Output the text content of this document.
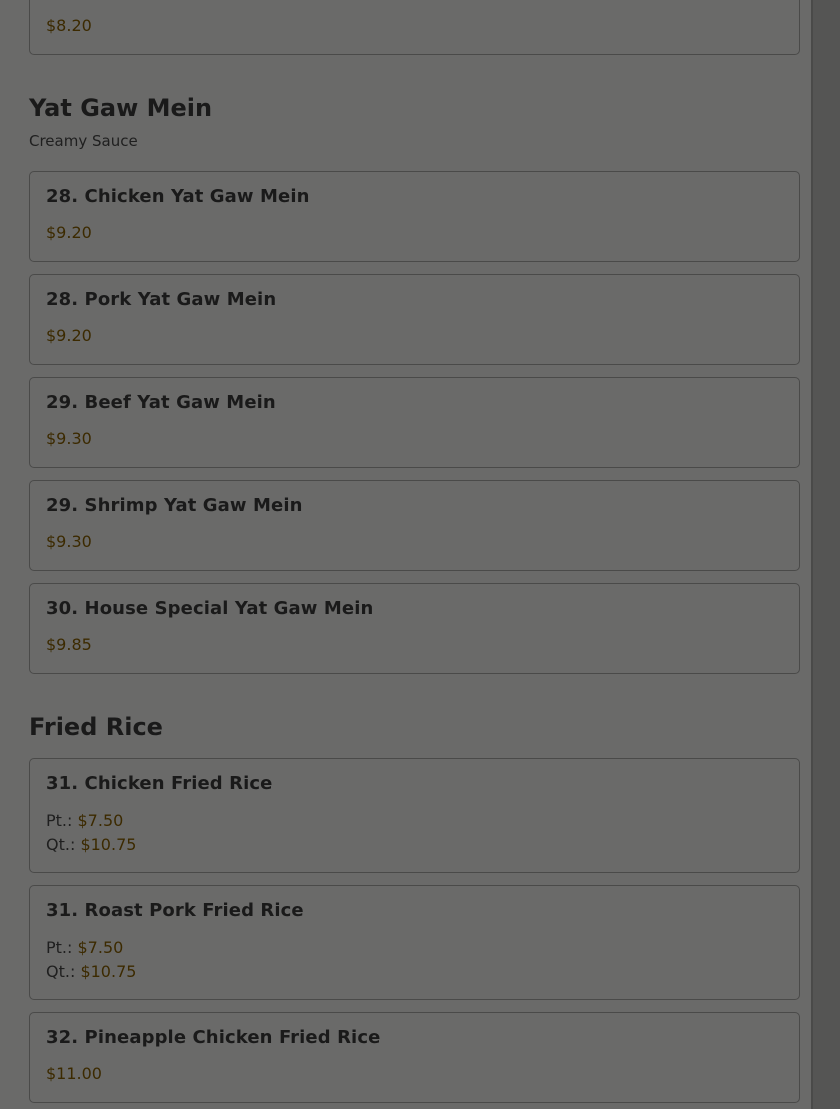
$8.20
Yat Gaw Mein
Creamy Sauce
28. Chicken Yat Gaw Mein
$9.20
28. Pork Yat Gaw Mein
$9.20
29. Beef Yat Gaw Mein
$9.30
29. Shrimp Yat Gaw Mein
$9.30
30. House Special Yat Gaw Mein
$9.85
Fried Rice
31. Chicken Fried Rice
Pt.: $7.50
Qt.: $10.75
31. Roast Pork Fried Rice
Pt.: $7.50
Qt.: $10.75
32. Pineapple Chicken Fried Rice
$11.00
